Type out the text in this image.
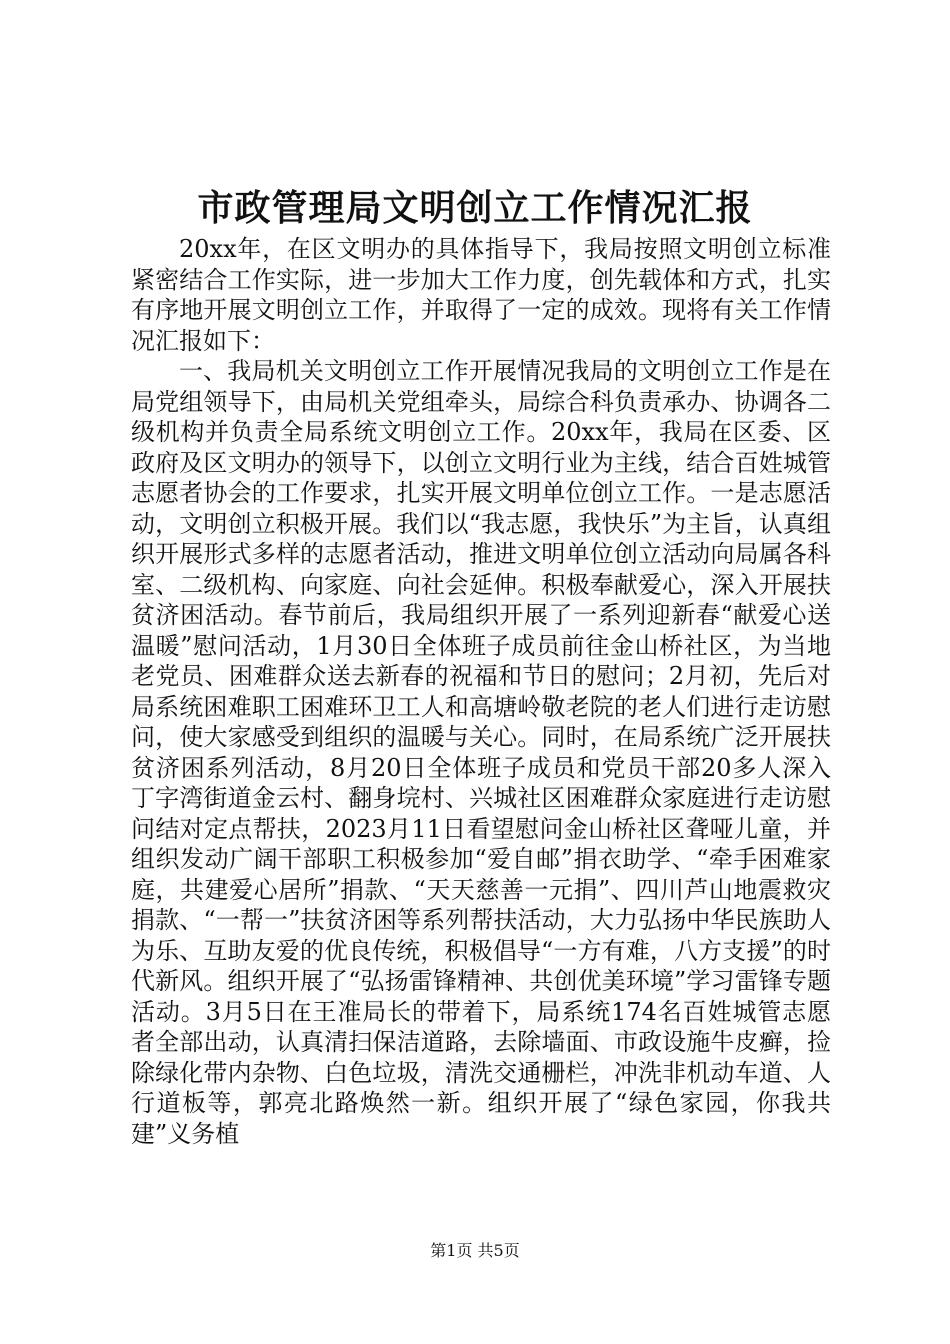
市政管理局文明创立工作情况汇报

20xx年，在区文明办的具体指导下，我局按照文明创立标准紧密结合工作实际，进一步加大工作力度，创先载体和方式，扎实有序地开展文明创立工作，并取得了一定的成效。现将有关工作情况汇报如下：

一、我局机关文明创立工作开展情况我局的文明创立工作是在局党组领导下，由局机关党组牵头，局综合科负责承办、协调各二级机构并负责全局系统文明创立工作。20xx年，我局在区委、区政府及区文明办的领导下，以创立文明行业为主线，结合百姓城管志愿者协会的工作要求，扎实开展文明单位创立工作。一是志愿活动，文明创立积极开展。我们以“我志愿，我快乐”为主旨，认真组织开展形式多样的志愿者活动，推进文明单位创立活动向局属各科室、二级机构、向家庭、向社会延伸。积极奉献爱心，深入开展扶贫济困活动。春节前后，我局组织开展了一系列迎新春“献爱心送温暖”慰问活动，1月30日全体班子成员前往金山桥社区，为当地老党员、困难群众送去新春的祝福和节日的慰问；2月初，先后对局系统困难职工困难环卫工人和高塘岭敬老院的老人们进行走访慰问，使大家感受到组织的温暖与关心。同时，在局系统广泛开展扶贫济困系列活动，8月20日全体班子成员和党员干部20多人深入丁字湾街道金云村、翻身垸村、兴城社区困难群众家庭进行走访慰问结对定点帮扶，2023月11日看望慰问金山桥社区聋哑儿童，并组织发动广阔干部职工积极参加“爱自邮”捐衣助学、“牵手困难家庭，共建爱心居所”捐款、“天天慈善一元捐”、四川芦山地震救灾捐款、“一帮一”扶贫济困等系列帮扶活动，大力弘扬中华民族助人为乐、互助友爱的优良传统，积极倡导“一方有难，八方支援”的时代新风。组织开展了“弘扬雷锋精神、共创优美环境”学习雷锋专题活动。3月5日在王准局长的带着下，局系统174名百姓城管志愿者全部出动，认真清扫保洁道路，去除墙面、市政设施牛皮癣，捡除绿化带内杂物、白色垃圾，清洗交通栅栏，冲洗非机动车道、人行道板等，郭亮北路焕然一新。组织开展了“绿色家园，你我共建”义务植

第1页 共5页
